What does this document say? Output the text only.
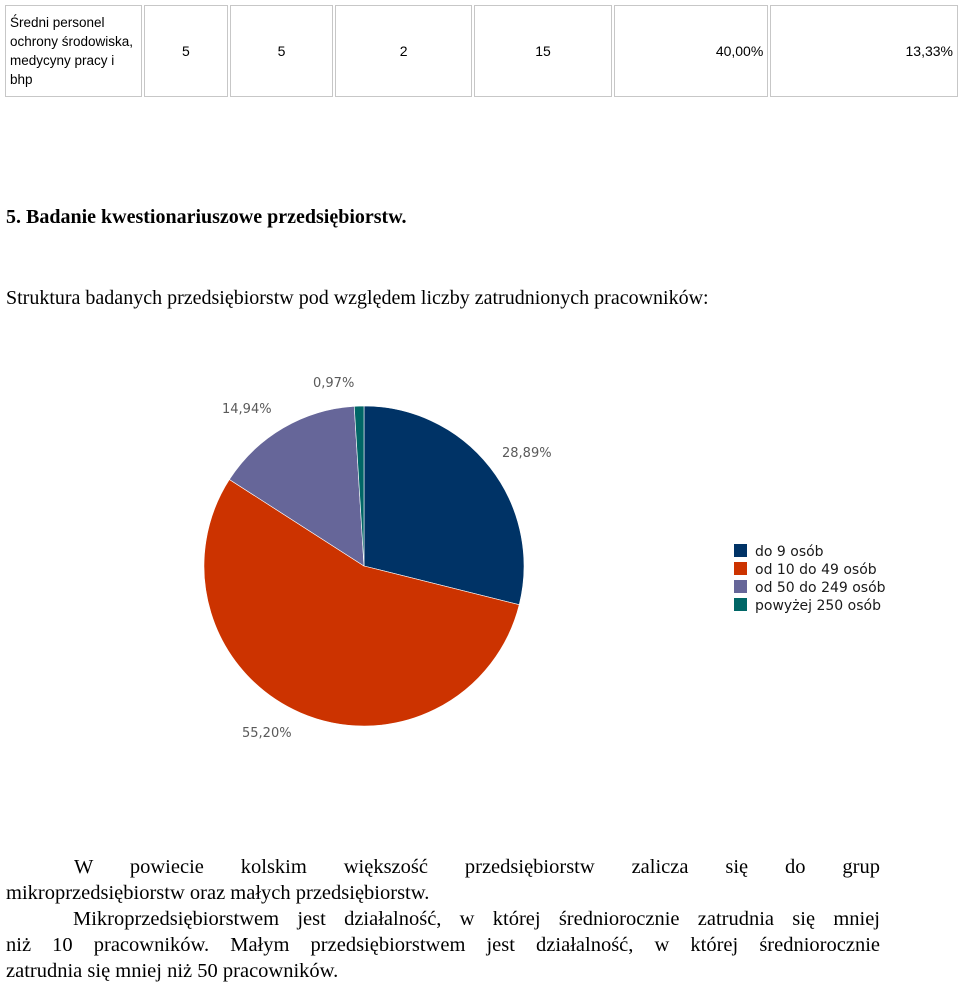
Średni personel ochrony środowiska, medycyny pracy i bhp	5	5	2	15	40,00%	13,33%

5. Badanie kwestionariuszowe przedsiębiorstw.

Struktura badanych przedsiębiorstw pod względem liczby zatrudnionych pracowników:

28,89%
55,20%
14,94%
0,97%
do 9 osób
od 10 do 49 osób
od 50 do 249 osób
powyżej 250 osób

W powiecie kolskim większość przedsiębiorstw zalicza się do grup
mikroprzedsiębiorstw oraz małych przedsiębiorstw.

Mikroprzedsiębiorstwem jest działalność, w której średniorocznie zatrudnia się mniej
niż 10 pracowników. Małym przedsiębiorstwem jest działalność, w której średniorocznie
zatrudnia się mniej niż 50 pracowników.
